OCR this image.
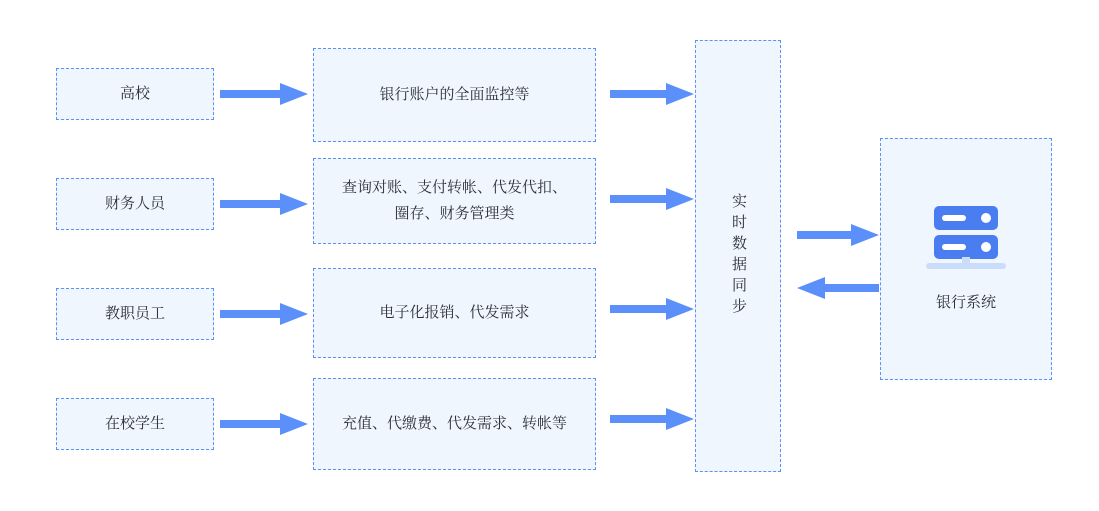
高校
财务人员
教职员工
在校学生
银行账户的全面监控等
查询对账、支付转帐、代发代扣、
圈存、财务管理类
电子化报销、代发需求
充值、代缴费、代发需求、转帐等
实时数据同步	银行系统
